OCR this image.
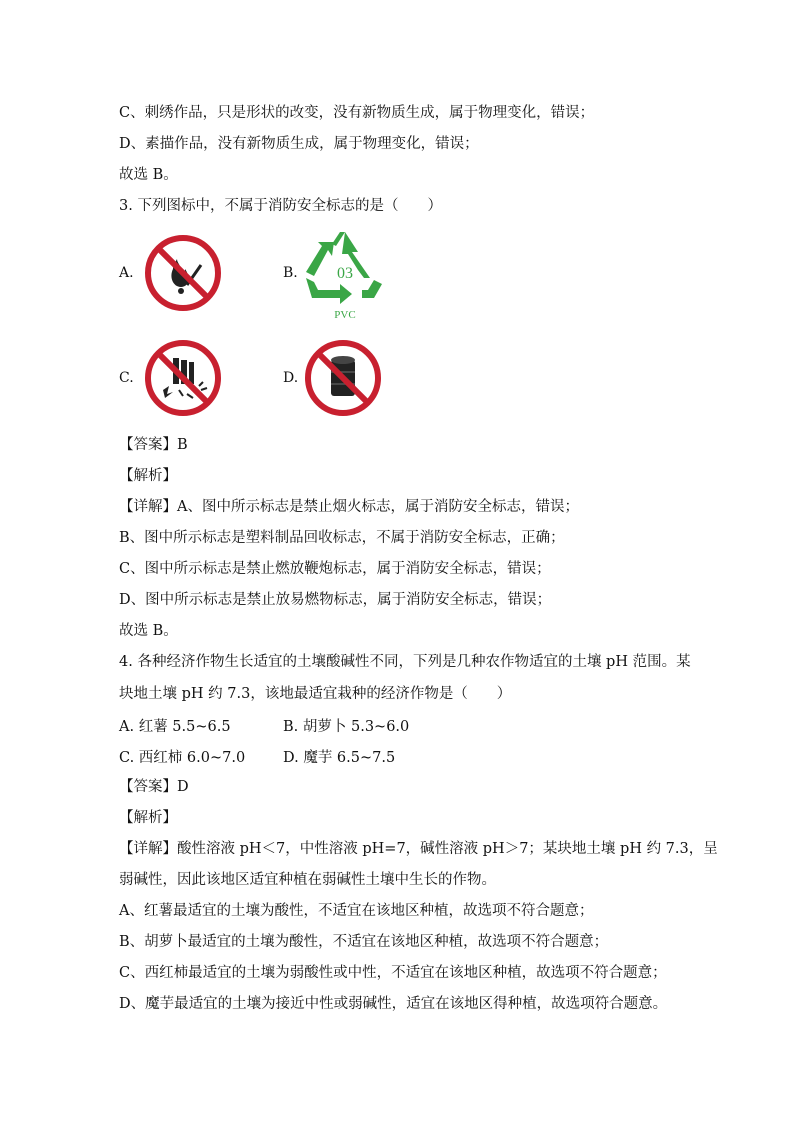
C、刺绣作品，只是形状的改变，没有新物质生成，属于物理变化，错误；
D、素描作品，没有新物质生成，属于物理变化，错误；
故选 B。
3. 下列图标中，不属于消防安全标志的是（　　）
A.	B. 03
PVC
C.	D.
【答案】B
【解析】
【详解】A、图中所示标志是禁止烟火标志，属于消防安全标志，错误；
B、图中所示标志是塑料制品回收标志，不属于消防安全标志，正确；
C、图中所示标志是禁止燃放鞭炮标志，属于消防安全标志，错误；
D、图中所示标志是禁止放易燃物标志，属于消防安全标志，错误；
故选 B。
4. 各种经济作物生长适宜的土壤酸碱性不同，下列是几种农作物适宜的土壤 pH 范围。某
块地土壤 pH 约 7.3，该地最适宜栽种的经济作物是（　　）
A. 红薯 5.5~6.5	B. 胡萝卜 5.3~6.0
C. 西红柿 6.0~7.0	D. 魔芋 6.5~7.5
【答案】D
【解析】
【详解】酸性溶液 pH＜7，中性溶液 pH=7，碱性溶液 pH＞7；某块地土壤 pH 约 7.3，呈
弱碱性，因此该地区适宜种植在弱碱性土壤中生长的作物。
A、红薯最适宜的土壤为酸性，不适宜在该地区种植，故选项不符合题意；
B、胡萝卜最适宜的土壤为酸性，不适宜在该地区种植，故选项不符合题意；
C、西红柿最适宜的土壤为弱酸性或中性，不适宜在该地区种植，故选项不符合题意；
D、魔芋最适宜的土壤为接近中性或弱碱性，适宜在该地区得种植，故选项符合题意。
